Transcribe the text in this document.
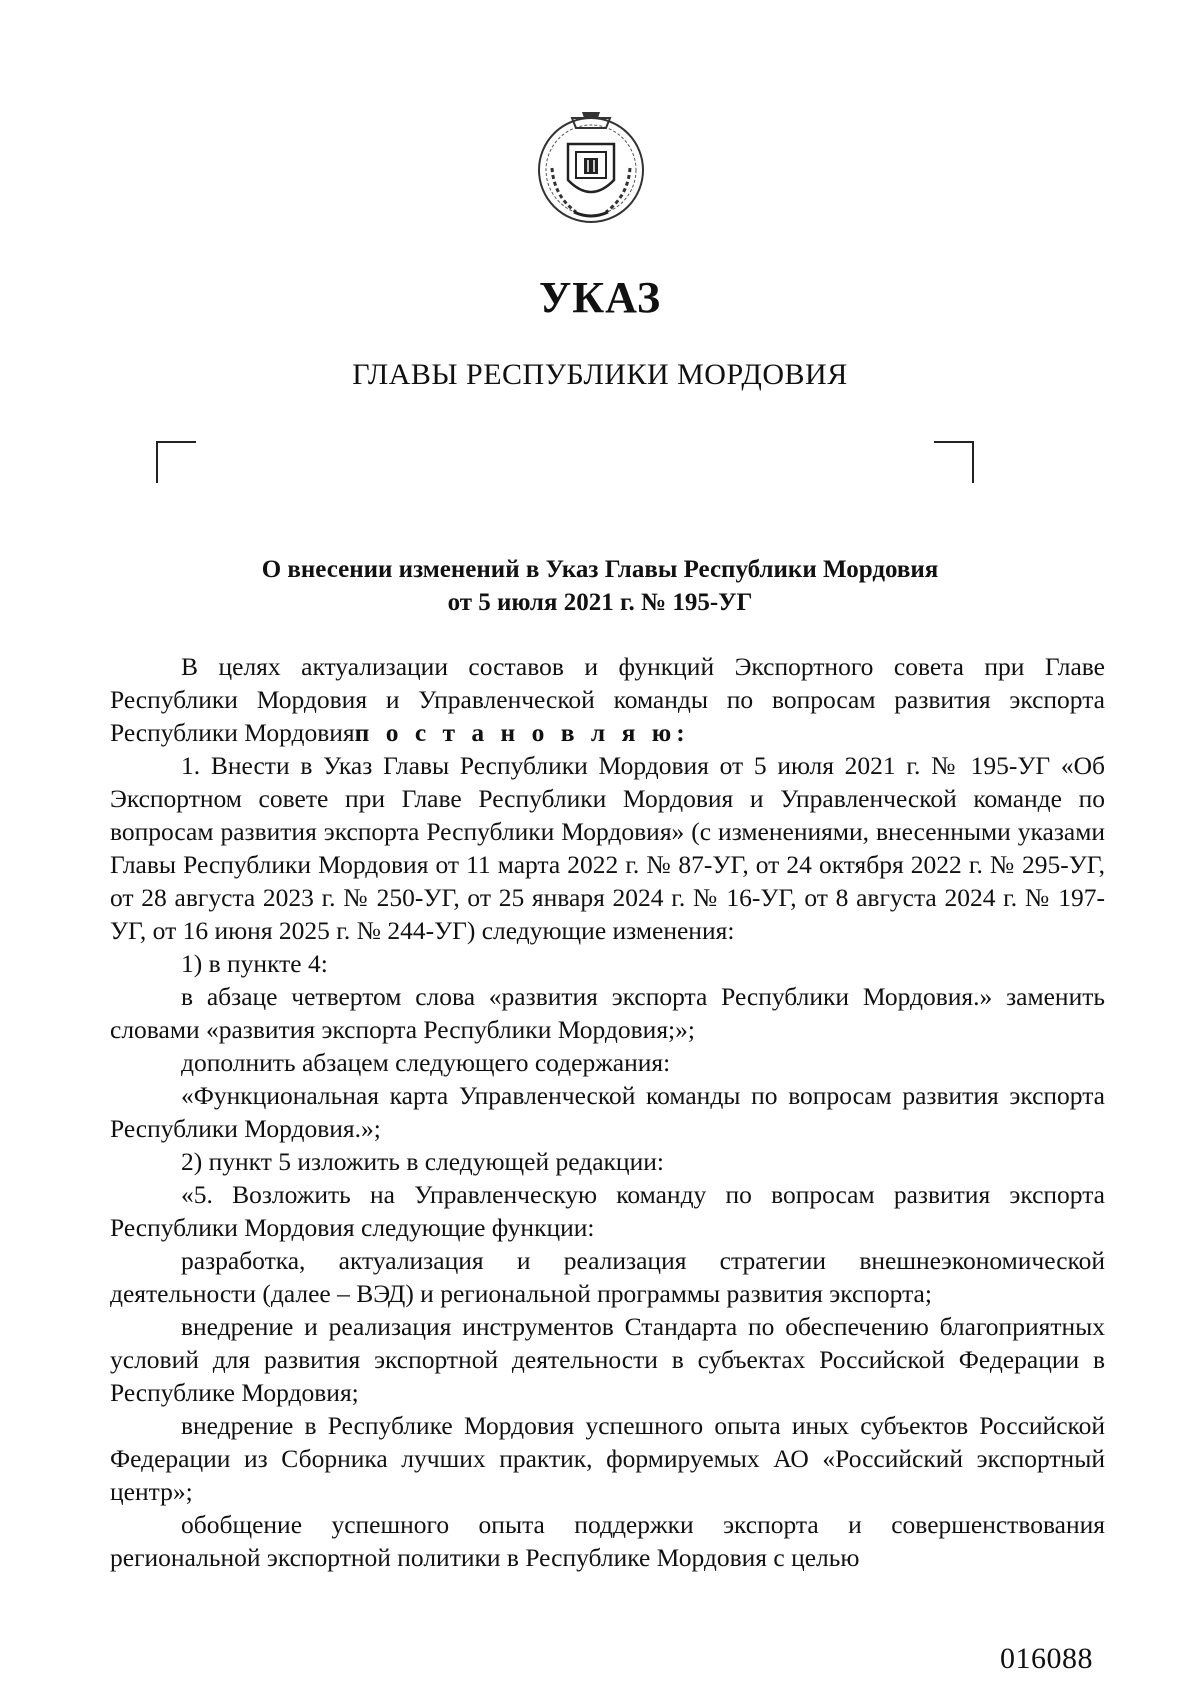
УКАЗ
ГЛАВЫ РЕСПУБЛИКИ МОРДОВИЯ
О внесении изменений в Указ Главы Республики Мордовия
от 5 июля 2021 г. № 195-УГ

В целях актуализации составов и функций Экспортного совета при Главе Республики Мордовия и Управленческой команды по вопросам развития экспорта Республики Мордовияп о с т а н о в л я ю:

1. Внести в Указ Главы Республики Мордовия от 5 июля 2021 г. № 195-УГ «Об Экспортном совете при Главе Республики Мордовия и Управленческой команде по вопросам развития экспорта Республики Мордовия» (с изменениями, внесенными указами Главы Республики Мордовия от 11 марта 2022 г. № 87-УГ, от 24 октября 2022 г. № 295-УГ, от 28 августа 2023 г. № 250-УГ, от 25 января 2024 г. № 16-УГ, от 8 августа 2024 г. № 197-УГ, от 16 июня 2025 г. № 244-УГ) следующие изменения:

1) в пункте 4:

в абзаце четвертом слова «развития экспорта Республики Мордовия.» заменить словами «развития экспорта Республики Мордовия;»;

дополнить абзацем следующего содержания:

«Функциональная карта Управленческой команды по вопросам развития экспорта Республики Мордовия.»;

2) пункт 5 изложить в следующей редакции:

«5. Возложить на Управленческую команду по вопросам развития экспорта Республики Мордовия следующие функции:

разработка, актуализация и реализация стратегии внешнеэкономической деятельности (далее – ВЭД) и региональной программы развития экспорта;

внедрение и реализация инструментов Стандарта по обеспечению благоприятных условий для развития экспортной деятельности в субъектах Российской Федерации в Республике Мордовия;

внедрение в Республике Мордовия успешного опыта иных субъектов Российской Федерации из Сборника лучших практик, формируемых АО «Российский экспортный центр»;

обобщение успешного опыта поддержки экспорта и совершенствования региональной экспортной политики в Республике Мордовия с целью

016088
